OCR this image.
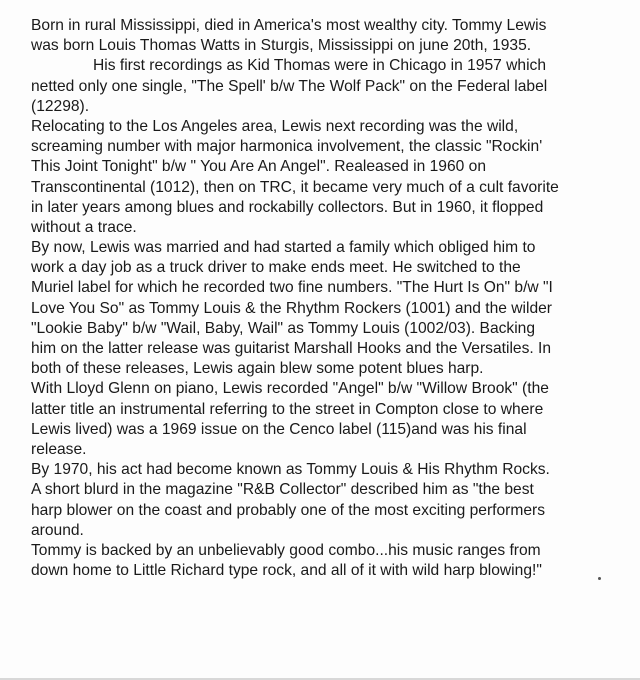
Born in rural Mississippi, died in America's most wealthy city. Tommy Lewis
was born Louis Thomas Watts in Sturgis, Mississippi on june 20th, 1935.
His first recordings as Kid Thomas were in Chicago in 1957 which
netted only one single, "The Spell' b/w The Wolf Pack" on the Federal label
(12298).
Relocating to the Los Angeles area, Lewis next recording was the wild,
screaming number with major harmonica involvement, the classic "Rockin'
This Joint Tonight" b/w " You Are An Angel". Realeased in 1960 on
Transcontinental (1012), then on TRC, it became very much of a cult favorite
in later years among blues and rockabilly collectors. But in 1960, it flopped
without a trace.
By now, Lewis was married and had started a family which obliged him to
work a day job as a truck driver to make ends meet. He switched to the
Muriel label for which he recorded two fine numbers. "The Hurt Is On" b/w "I
Love You So" as Tommy Louis & the Rhythm Rockers (1001) and the wilder
"Lookie Baby" b/w "Wail, Baby, Wail" as Tommy Louis (1002/03). Backing
him on the latter release was guitarist Marshall Hooks and the Versatiles. In
both of these releases, Lewis again blew some potent blues harp.
With Lloyd Glenn on piano, Lewis recorded "Angel" b/w "Willow Brook" (the
latter title an instrumental referring to the street in Compton close to where
Lewis lived) was a 1969 issue on the Cenco label (115)and was his final
release.
By 1970, his act had become known as Tommy Louis & His Rhythm Rocks.
A short blurd in the magazine "R&B Collector" described him as "the best
harp blower on the coast and probably one of the most exciting performers
around.
Tommy is backed by an unbelievably good combo...his music ranges from
down home to Little Richard type rock, and all of it with wild harp blowing!"
